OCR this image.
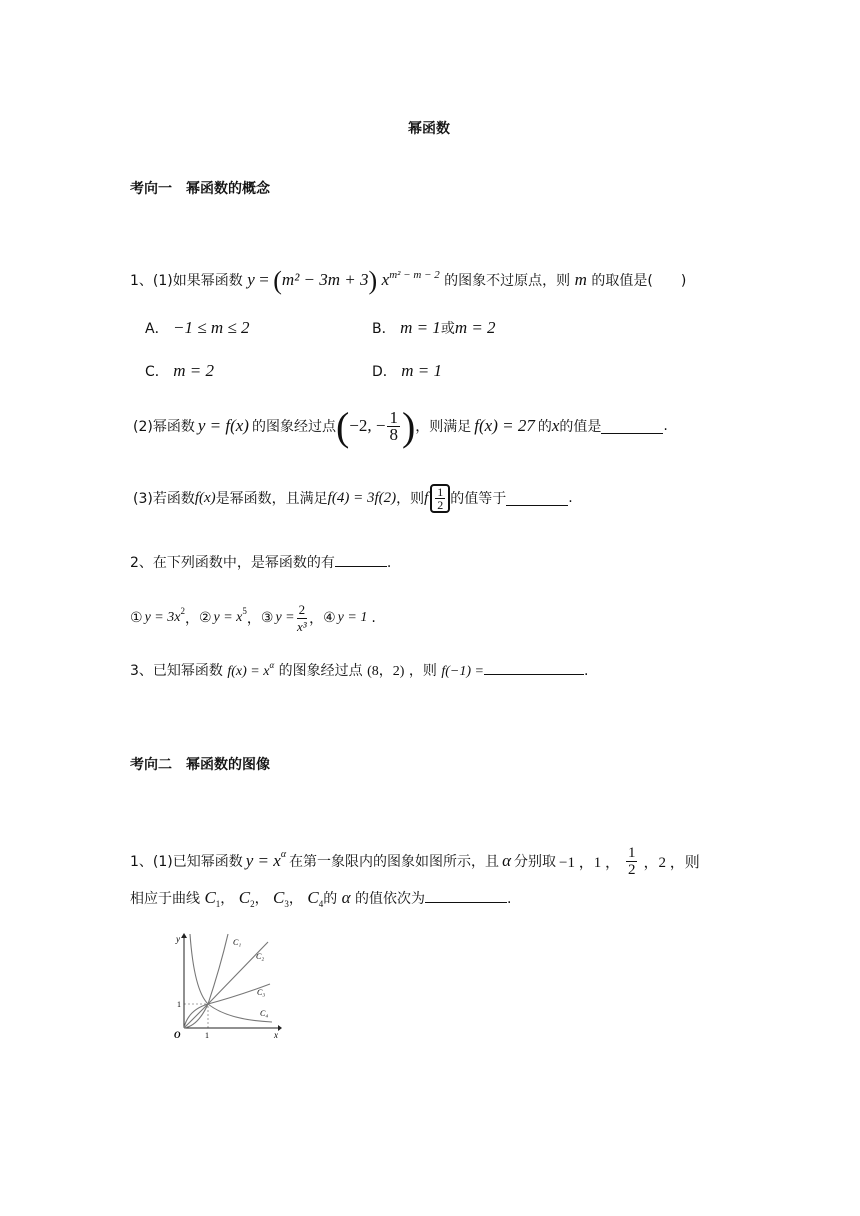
幂函数
考向一　幂函数的概念
1、(1)如果幂函数 y = (m² − 3m + 3) $x^{m^2 - m - 2}$ 的图象不过原点，则 m 的取值是(　　)
A． −1 ≤ m ≤ 2	B． m = 1或m = 2
C． m = 2	D． m = 1
(2)幂函数 y = f(x) 的图象经过点 ( −2, − $\frac{1}{8}$ ) ，则满足 f(x) = 27 的 x 的值是	.
(3)若函数 f(x) 是幂函数，且满足 f(4) = 3f(2) ，则 f $\frac{1}{2}$ 的值等于	.
2、在下列函数中，是幂函数的有	.
① y = 3x 2 ， ② y = x 5 ， ③ $y = \frac{2}{\text{x³}}$ ， ④ y = 1 .
3、已知幂函数 $f(x) = x^\alpha$ 的图象经过点 (8，2) ，则 f(−1) =	.
考向二　幂函数的图像
1、(1)已知幂函数 y = x α 在第一象限内的图象如图所示，且 α 分别取 −1 ，1 ， $\frac{1}{2}$ ，2 ，则
相应于曲线 $C_1$， $C_2$， $C_3$， $C_4$的 α 的值依次为	.
y
x
O	1
1
C₁
C₂
C₃
C₄
